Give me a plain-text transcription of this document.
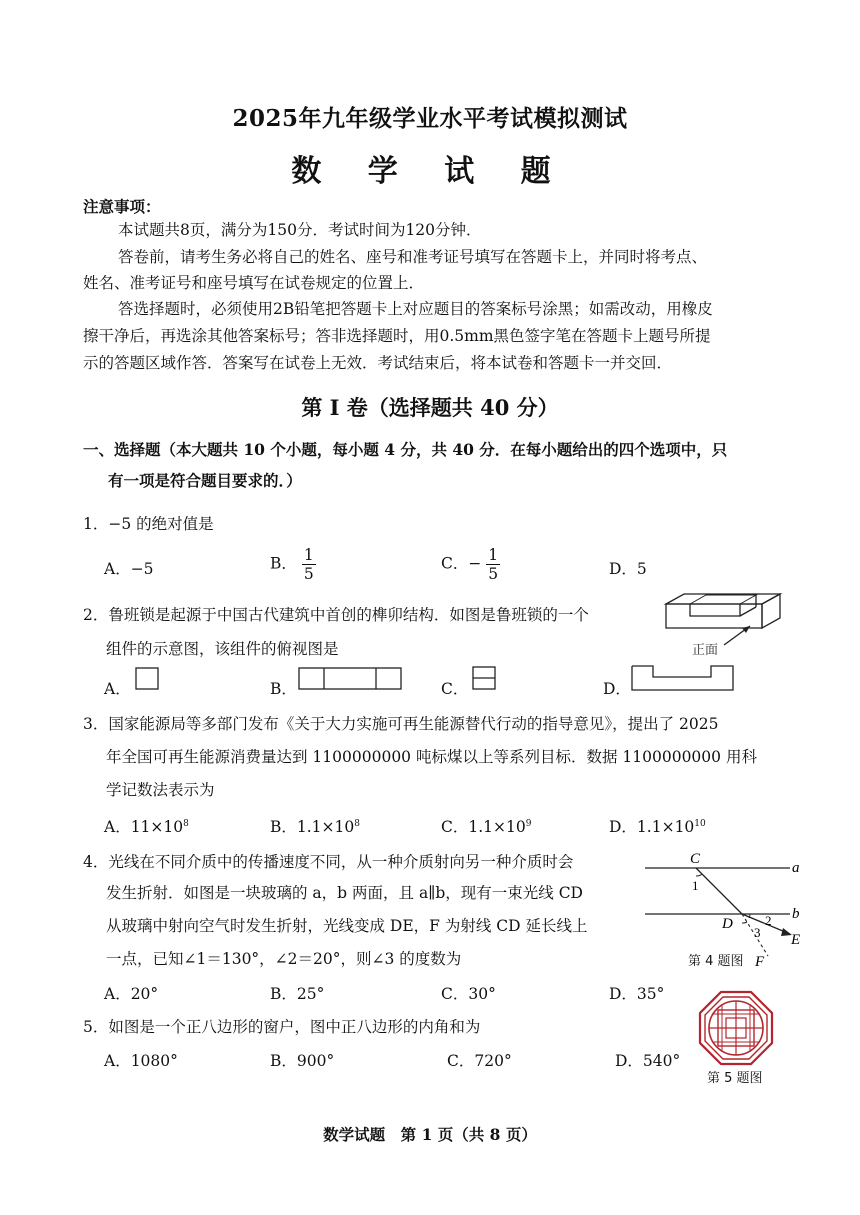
2025年九年级学业水平考试模拟测试
数 学 试 题
注意事项：
本试题共8页，满分为150分．考试时间为120分钟．
答卷前，请考生务必将自己的姓名、座号和准考证号填写在答题卡上，并同时将考点、
姓名、准考证号和座号填写在试卷规定的位置上．
答选择题时，必须使用2B铅笔把答题卡上对应题目的答案标号涂黑；如需改动，用橡皮
擦干净后，再选涂其他答案标号；答非选择题时，用0.5mm黑色签字笔在答题卡上题号所提
示的答题区域作答．答案写在试卷上无效．考试结束后，将本试卷和答题卡一并交回．
第 I 卷（选择题共 40 分）
一、选择题（本大题共 10 个小题，每小题 4 分，共 40 分．在每小题给出的四个选项中，只
有一项是符合题目要求的．）
1．−5 的绝对值是
A．−5	B． $\frac{1}{5}$	C．− $\frac{1}{5}$	D．5
2．鲁班锁是起源于中国古代建筑中首创的榫卯结构．如图是鲁班锁的一个
组件的示意图，该组件的俯视图是	正面
A．	B．	C．	D．
3．国家能源局等多部门发布《关于大力实施可再生能源替代行动的指导意见》，提出了 2025
年全国可再生能源消费量达到 1100000000 吨标煤以上等系列目标．数据 1100000000 用科
学记数法表示为
A．$11\times 10^8$	B．$1.1\times 10^8$	C．$1.1\times 10^9$	D．$1.1\times 10^{10}$
4．光线在不同介质中的传播速度不同，从一种介质射向另一种介质时会
发生折射．如图是一块玻璃的 a，b 两面，且 a∥b，现有一束光线 CD
从玻璃中射向空气时发生折射，光线变成 DE，F 为射线 CD 延长线上
一点，已知∠1＝130°，∠2＝20°，则∠3 的度数为
C
a
1
b
D 2
3 E
F
第 4 题图
A．20°	B．25°	C．30°	D．35°
5．如图是一个正八边形的窗户，图中正八边形的内角和为
A．1080°	B．900°	C．720°	D．540°
第 5 题图
数学试题　第 1 页（共 8 页）
